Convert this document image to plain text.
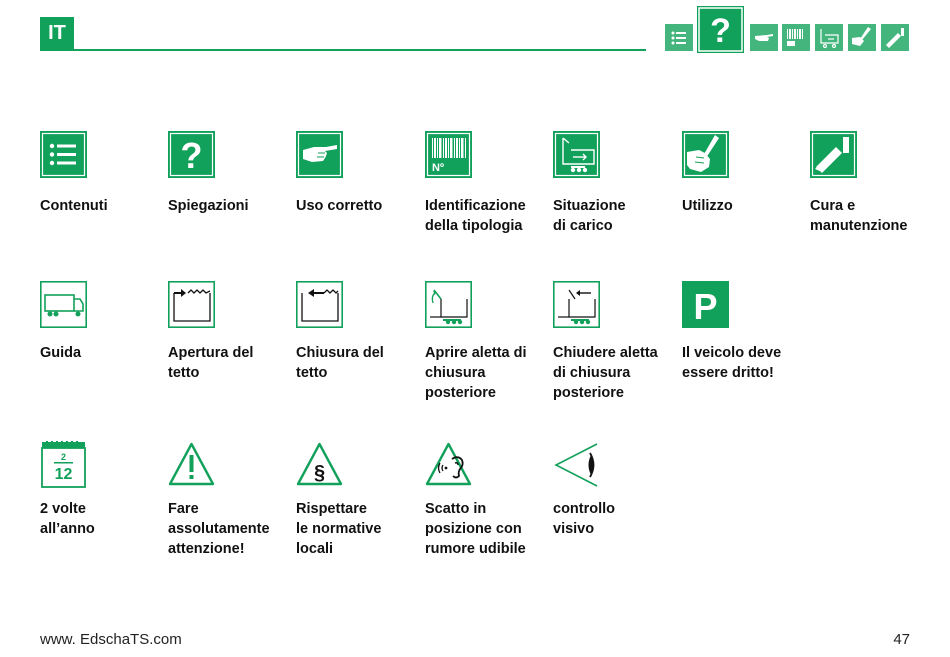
IT	?
Contenuti
?
Spiegazioni	Uso corretto
Nº
Identificazione
della tipologia
Situazione
di carico
Utilizzo	Cura e
manutenzione
Guida	Apertura del
tetto
Chiusura del
tetto
Aprire aletta di
chiusura
posteriore
Chiudere aletta
di chiusura
posteriore
P
Il veicolo deve
essere dritto!
2
12
2 volte
all’anno
Fare
assolutamente
attenzione!
§
Rispettare
le normative
locali
Scatto in
posizione con
rumore udibile
controllo
visivo
www. EdschaTS.com	47
